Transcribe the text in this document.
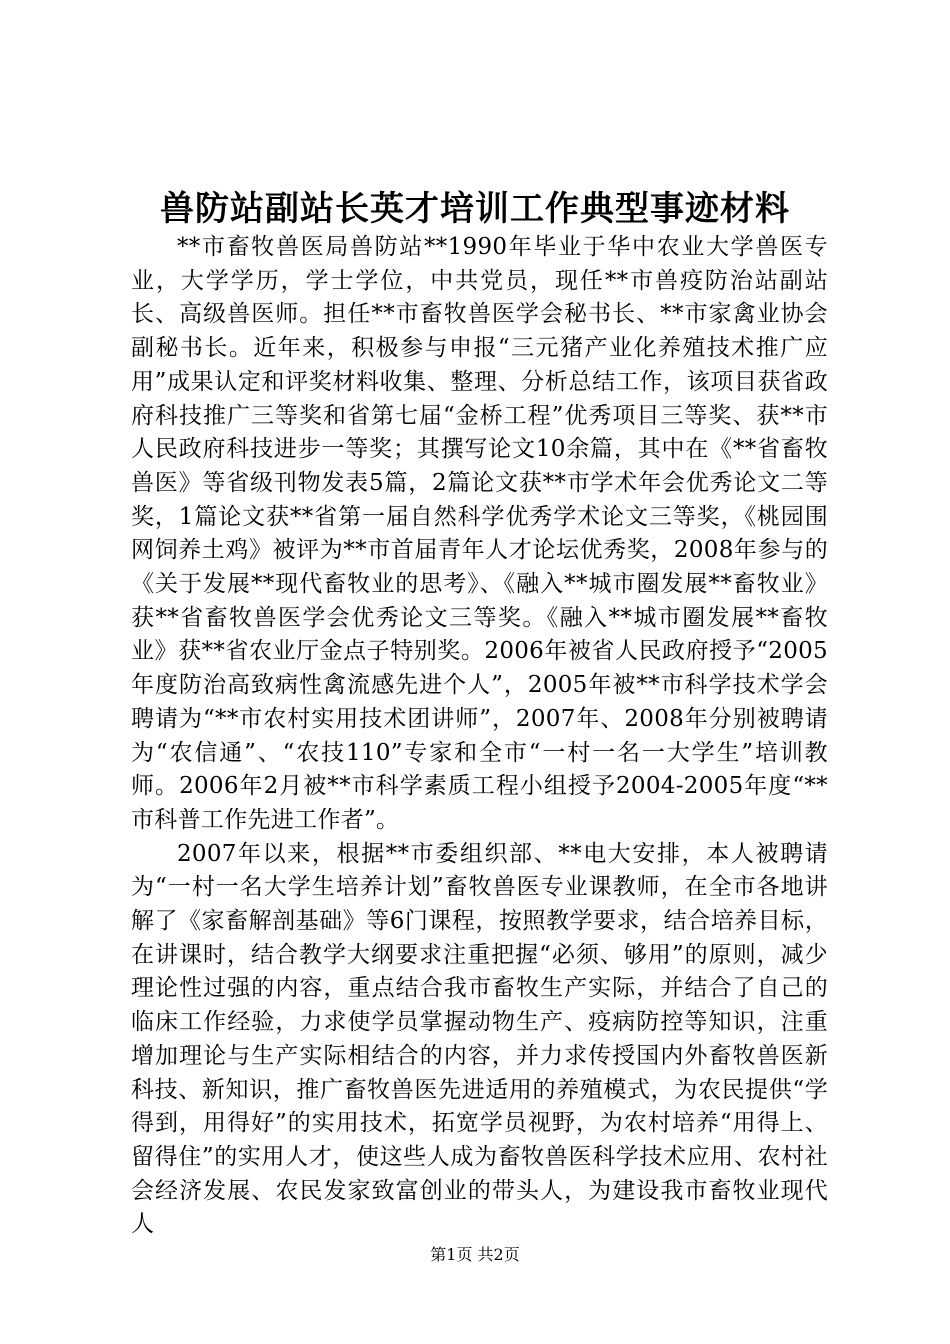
兽防站副站长英才培训工作典型事迹材料

**市畜牧兽医局兽防站**1990年毕业于华中农业大学兽医专业，大学学历，学士学位，中共党员，现任**市兽疫防治站副站长、高级兽医师。担任**市畜牧兽医学会秘书长、**市家禽业协会副秘书长。近年来，积极参与申报“三元猪产业化养殖技术推广应用”成果认定和评奖材料收集、整理、分析总结工作，该项目获省政府科技推广三等奖和省第七届“金桥工程”优秀项目三等奖、获**市人民政府科技进步一等奖；其撰写论文10余篇，其中在《**省畜牧兽医》等省级刊物发表5篇，2篇论文获**市学术年会优秀论文二等奖，1篇论文获**省第一届自然科学优秀学术论文三等奖，《桃园围网饲养土鸡》被评为**市首届青年人才论坛优秀奖，2008年参与的《关于发展**现代畜牧业的思考》、《融入**城市圈发展**畜牧业》获**省畜牧兽医学会优秀论文三等奖。《融入**城市圈发展**畜牧业》获**省农业厅金点子特别奖。2006年被省人民政府授予“2005年度防治高致病性禽流感先进个人”，2005年被**市科学技术学会聘请为“**市农村实用技术团讲师”，2007年、2008年分别被聘请为“农信通”、“农技110”专家和全市“一村一名一大学生”培训教师。2006年2月被**市科学素质工程小组授予2004-2005年度“**市科普工作先进工作者”。

2007年以来，根据**市委组织部、**电大安排，本人被聘请为“一村一名大学生培养计划”畜牧兽医专业课教师，在全市各地讲解了《家畜解剖基础》等6门课程，按照教学要求，结合培养目标，在讲课时，结合教学大纲要求注重把握“必须、够用”的原则，减少理论性过强的内容，重点结合我市畜牧生产实际，并结合了自己的临床工作经验，力求使学员掌握动物生产、疫病防控等知识，注重增加理论与生产实际相结合的内容，并力求传授国内外畜牧兽医新科技、新知识，推广畜牧兽医先进适用的养殖模式，为农民提供“学得到，用得好”的实用技术，拓宽学员视野，为农村培养“用得上、留得住”的实用人才，使这些人成为畜牧兽医科学技术应用、农村社会经济发展、农民发家致富创业的带头人，为建设我市畜牧业现代人

第1页 共2页
